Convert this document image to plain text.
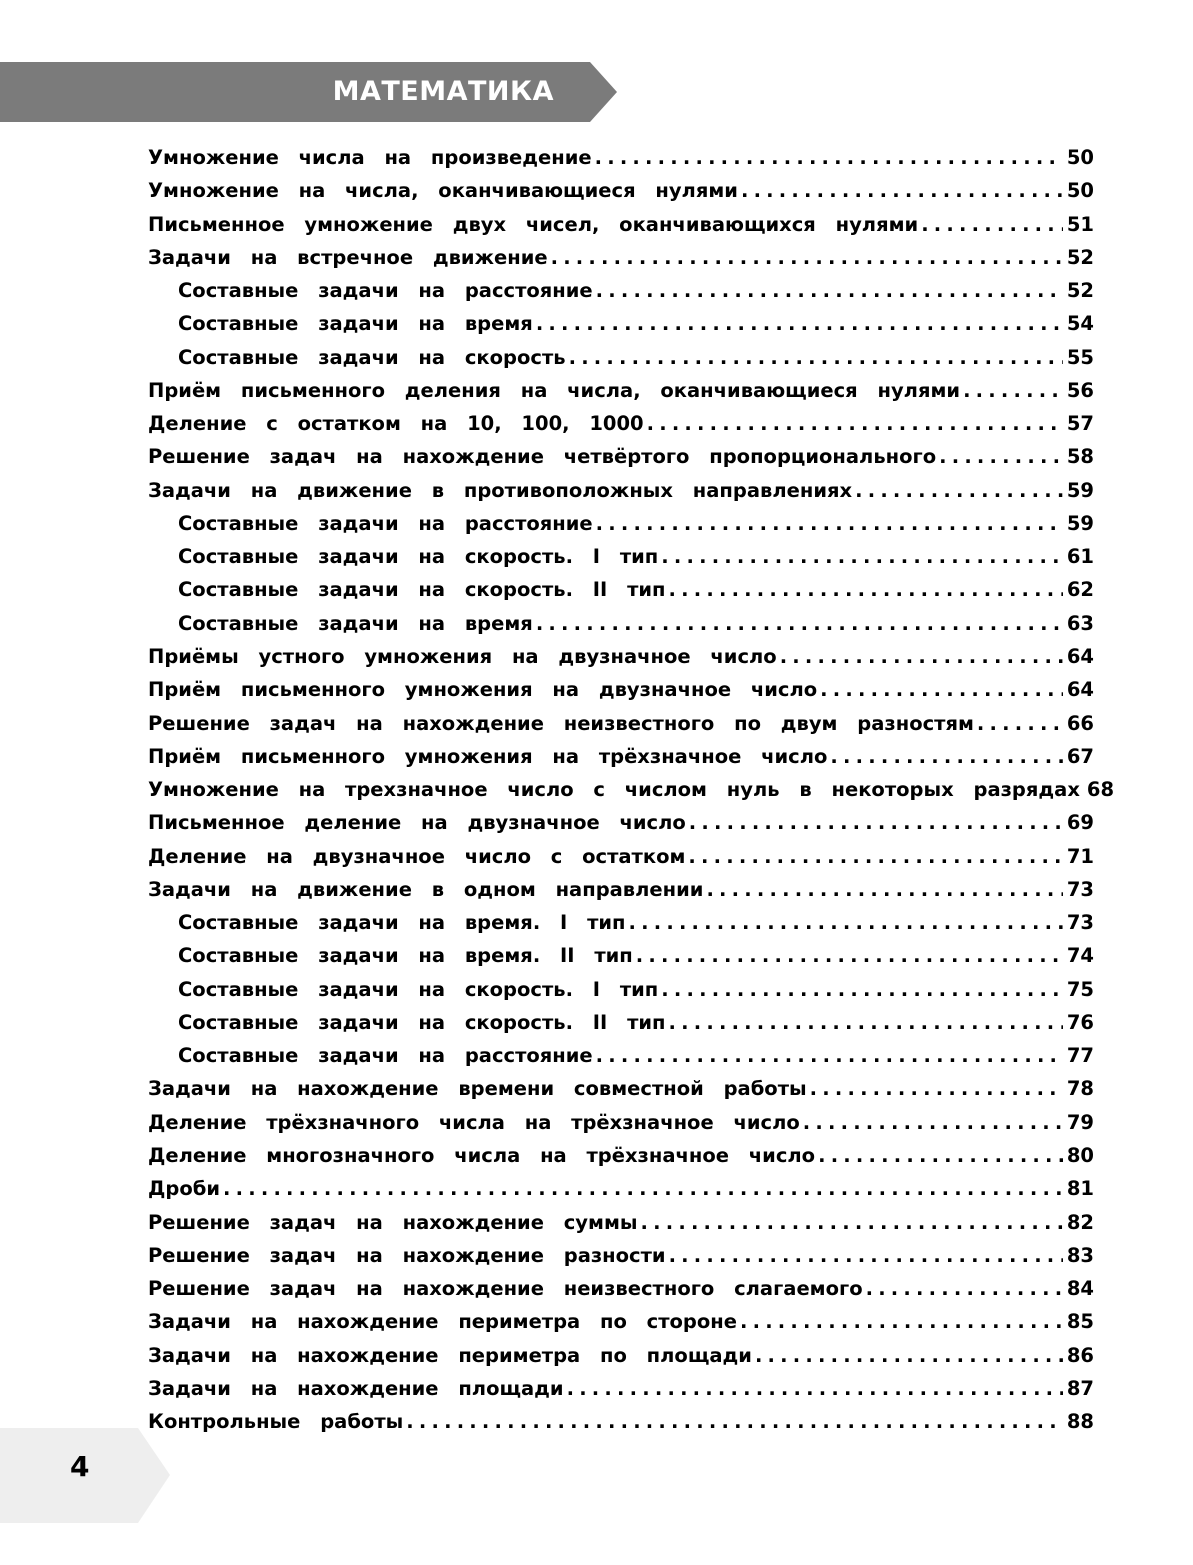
МАТЕМАТИКА
Умножение числа на произведение .....	50
Умножение на числа, оканчивающиеся нулями .....	50
Письменное умножение двух чисел, оканчивающихся нулями .....	51
Задачи на встречное движение .....	52
Составные задачи на расстояние .....	52
Составные задачи на время .....	54
Составные задачи на скорость .....	55
Приём письменного деления на числа, оканчивающиеся нулями .....	56
Деление с остатком на 10, 100, 1000 .....	57
Решение задач на нахождение четвёртого пропорционального .....	58
Задачи на движение в противоположных направлениях .....	59
Составные задачи на расстояние .....	59
Составные задачи на скорость. I тип .....	61
Составные задачи на скорость. II тип .....	62
Составные задачи на время .....	63
Приёмы устного умножения на двузначное число .....	64
Приём письменного умножения на двузначное число .....	64
Решение задач на нахождение неизвестного по двум разностям .....	66
Приём письменного умножения на трёхзначное число .....	67
Умножение на трехзначное число с числом нуль в некоторых разрядах ..... 68
Письменное деление на двузначное число .....	69
Деление на двузначное число с остатком .....	71
Задачи на движение в одном направлении .....	73
Составные задачи на время. I тип .....	73
Составные задачи на время. II тип .....	74
Составные задачи на скорость. I тип .....	75
Составные задачи на скорость. II тип .....	76
Составные задачи на расстояние .....	77
Задачи на нахождение времени совместной работы .....	78
Деление трёхзначного числа на трёхзначное число .....	79
Деление многозначного числа на трёхзначное число .....	80
Дроби .....	81
Решение задач на нахождение суммы .....	82
Решение задач на нахождение разности .....	83
Решение задач на нахождение неизвестного слагаемого .....	84
Задачи на нахождение периметра по стороне .....	85
Задачи на нахождение периметра по площади .....	86
Задачи на нахождение площади .....	87
Контрольные работы .....	88
4
